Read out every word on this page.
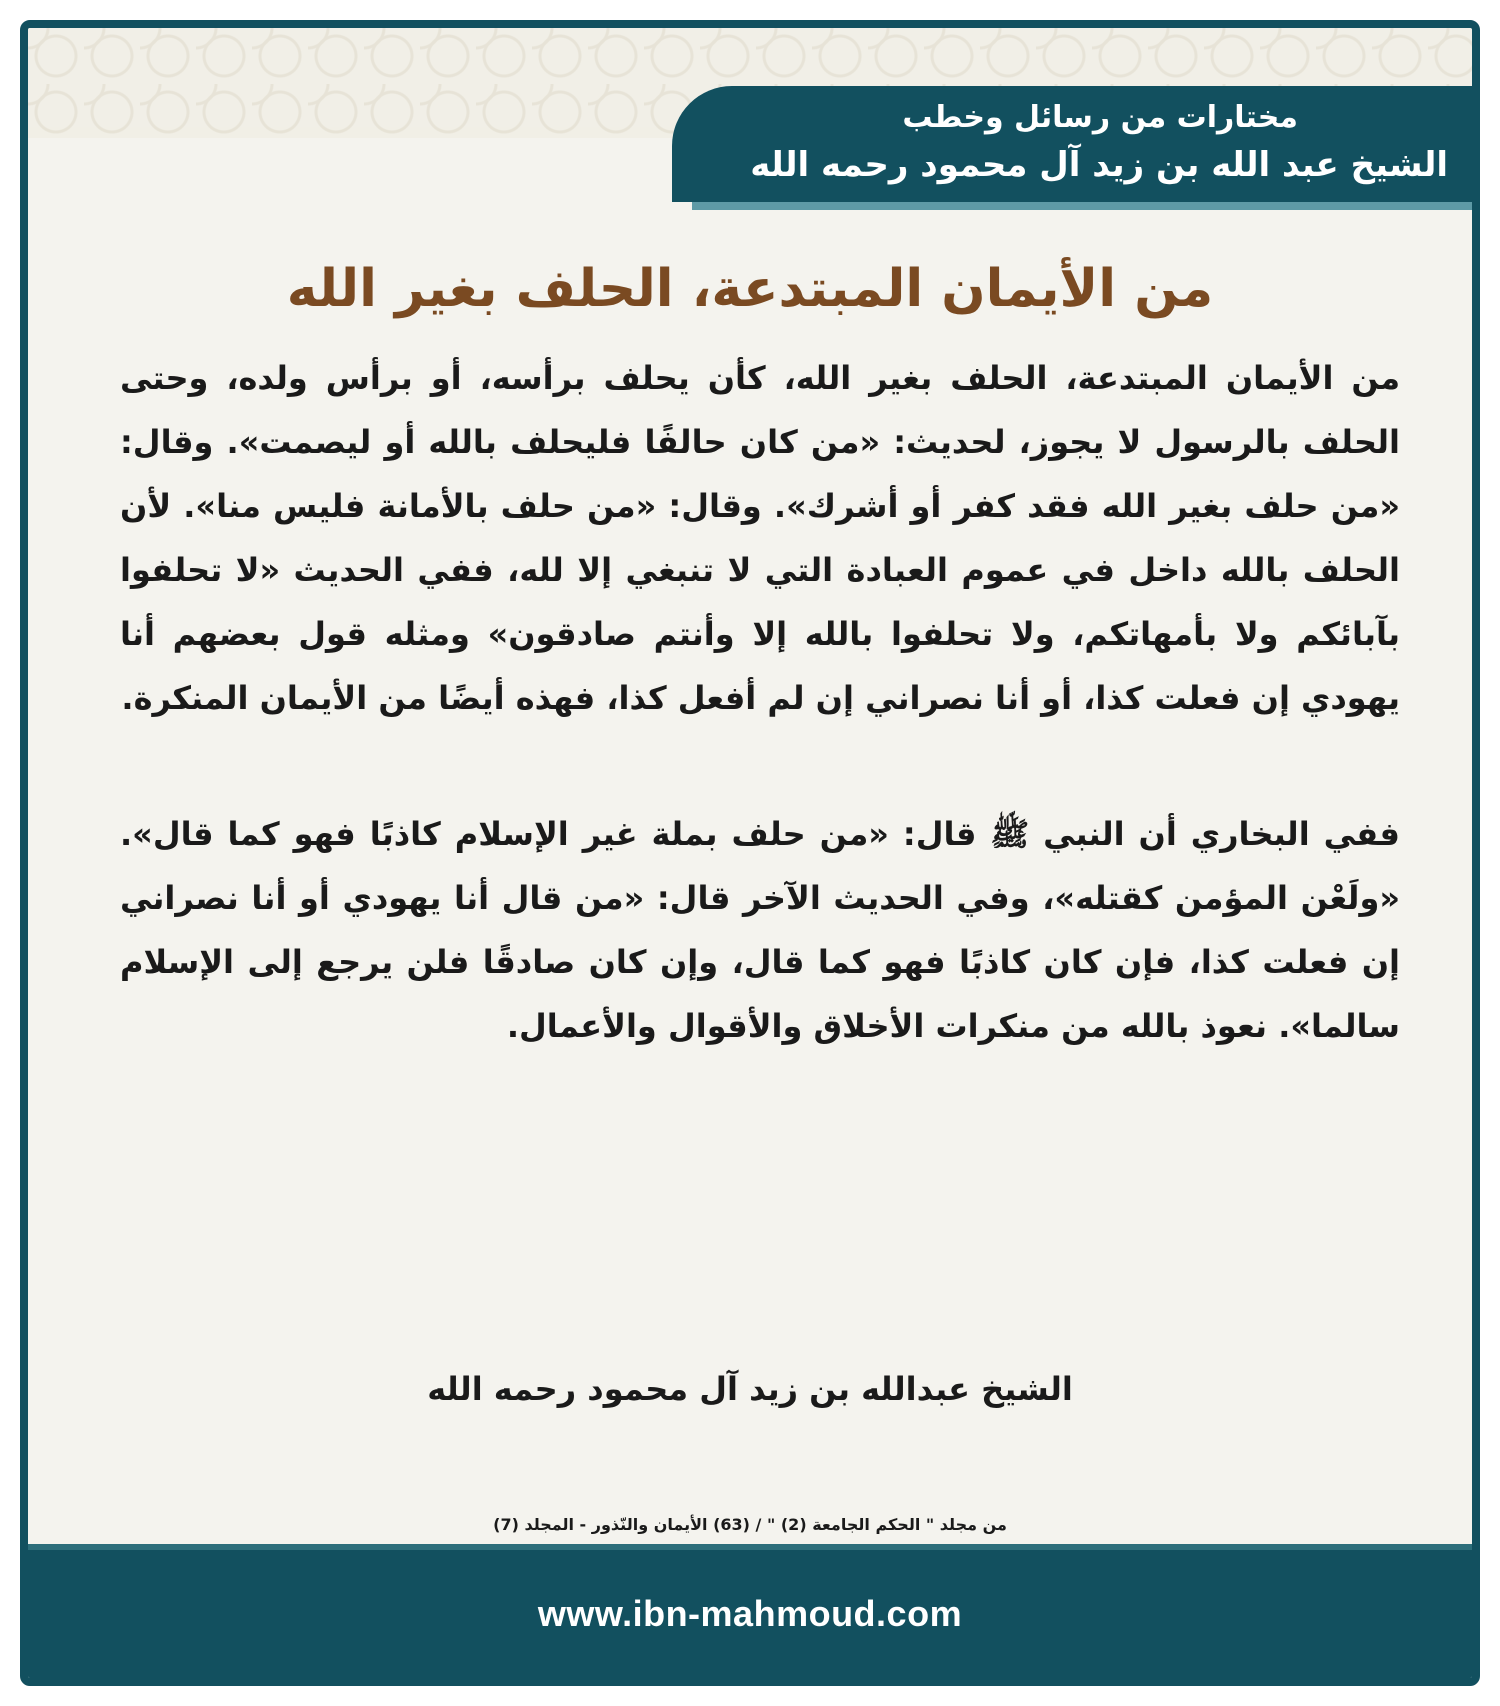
مختارات من رسائل وخطب
الشيخ عبد الله بن زيد آل محمود رحمه الله
من الأيمان المبتدعة، الحلف بغير الله

من الأيمان المبتدعة، الحلف بغير الله، كأن يحلف برأسه، أو برأس ولده، وحتى الحلف بالرسول لا يجوز، لحديث: «من كان حالفًا فليحلف بالله أو ليصمت». وقال: «من حلف بغير الله فقد كفر أو أشرك». وقال: «من حلف بالأمانة فليس منا». لأن الحلف بالله داخل في عموم العبادة التي لا تنبغي إلا لله، ففي الحديث «لا تحلفوا بآبائكم ولا بأمهاتكم، ولا تحلفوا بالله إلا وأنتم صادقون» ومثله قول بعضهم أنا يهودي إن فعلت كذا، أو أنا نصراني إن لم أفعل كذا، فهذه أيضًا من الأيمان المنكرة.

ففي البخاري أن النبي ﷺ قال: «من حلف بملة غير الإسلام كاذبًا فهو كما قال». «ولَعْن المؤمن كقتله»، وفي الحديث الآخر قال: «من قال أنا يهودي أو أنا نصراني إن فعلت كذا، فإن كان كاذبًا فهو كما قال، وإن كان صادقًا فلن يرجع إلى الإسلام سالما». نعوذ بالله من منكرات الأخلاق والأقوال والأعمال.

الشيخ عبدالله بن زيد آل محمود رحمه الله
من مجلد " الحكم الجامعة (2) " / (63) الأيمان والنّذور - المجلد (7)
www.ibn-mahmoud.com
